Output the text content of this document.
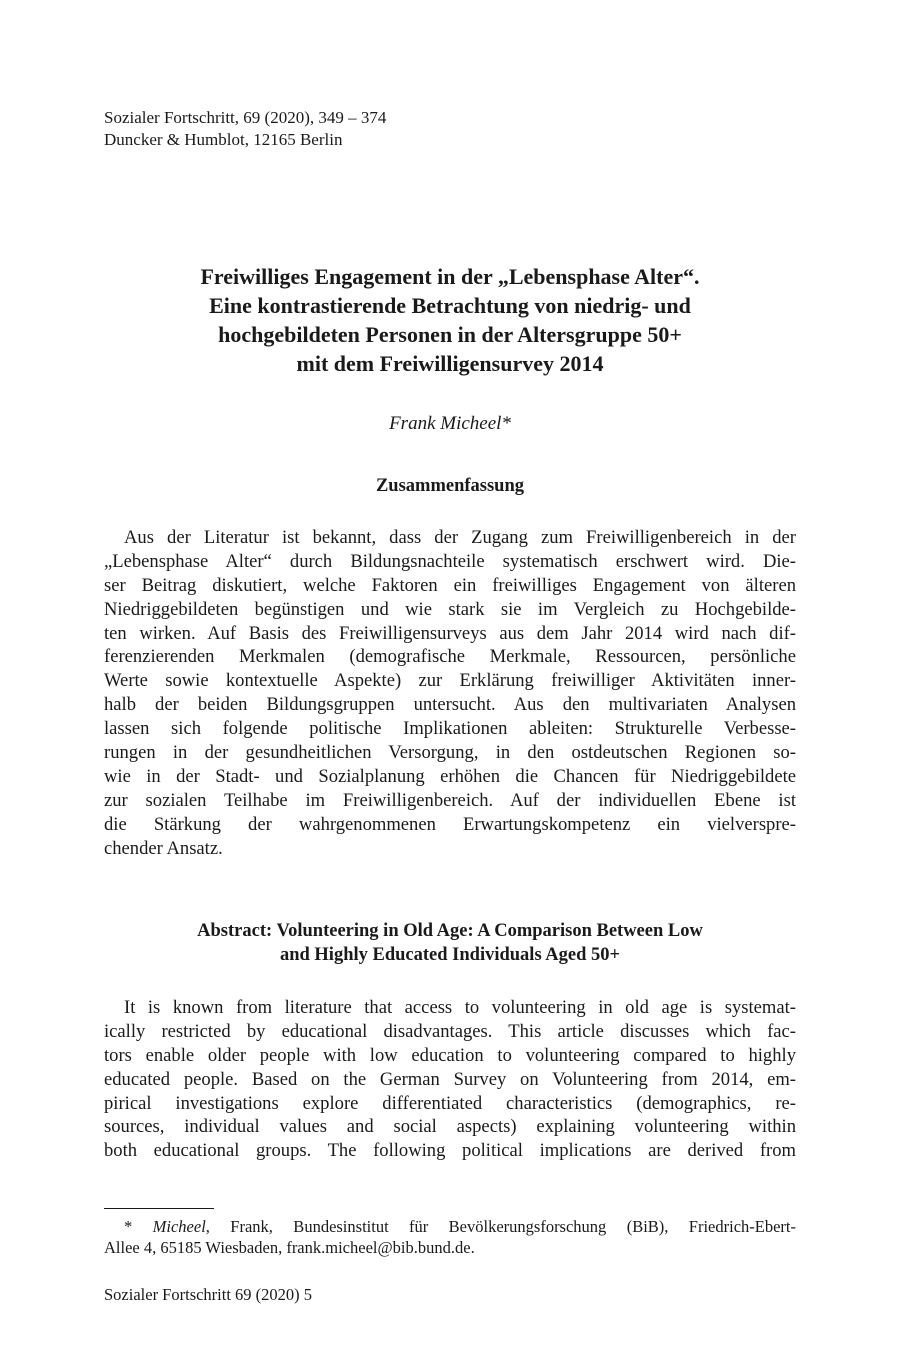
Sozialer Fortschritt, 69 (2020), 349 – 374
Duncker & Humblot, 12165 Berlin
Freiwilliges Engagement in der „Lebensphase Alter“.
Eine kontrastierende Betrachtung von niedrig- und
hochgebildeten Personen in der Altersgruppe 50+
mit dem Freiwilligensurvey 2014
Frank Micheel*
Zusammenfassung
Aus der Literatur ist bekannt, dass der Zugang zum Freiwilligenbereich in der
„Lebensphase Alter“ durch Bildungsnachteile systematisch erschwert wird. Die-
ser Beitrag diskutiert, welche Faktoren ein freiwilliges Engagement von älteren
Niedriggebildeten begünstigen und wie stark sie im Vergleich zu Hochgebilde-
ten wirken. Auf Basis des Freiwilligensurveys aus dem Jahr 2014 wird nach dif-
ferenzierenden Merkmalen (demografische Merkmale, Ressourcen, persönliche
Werte sowie kontextuelle Aspekte) zur Erklärung freiwilliger Aktivitäten inner-
halb der beiden Bildungsgruppen untersucht. Aus den multivariaten Analysen
lassen sich folgende politische Implikationen ableiten: Strukturelle Verbesse-
rungen in der gesundheitlichen Versorgung, in den ostdeutschen Regionen so-
wie in der Stadt- und Sozialplanung erhöhen die Chancen für Niedriggebildete
zur sozialen Teilhabe im Freiwilligenbereich. Auf der individuellen Ebene ist
die Stärkung der wahrgenommenen Erwartungskompetenz ein vielverspre-
chender Ansatz.
Abstract: Volunteering in Old Age: A Comparison Between Low
and Highly Educated Individuals Aged 50+
It is known from literature that access to volunteering in old age is systemat-
ically restricted by educational disadvantages. This article discusses which fac-
tors enable older people with low education to volunteering compared to highly
educated people. Based on the German Survey on Volunteering from 2014, em-
pirical investigations explore differentiated characteristics (demographics, re-
sources, individual values and social aspects) explaining volunteering within
both educational groups. The following political implications are derived from
* Micheel, Frank, Bundesinstitut für Bevölkerungsforschung (BiB), Friedrich-Ebert-
Allee 4, 65185 Wiesbaden, frank.micheel@bib.bund.de.
Sozialer Fortschritt 69 (2020) 5
